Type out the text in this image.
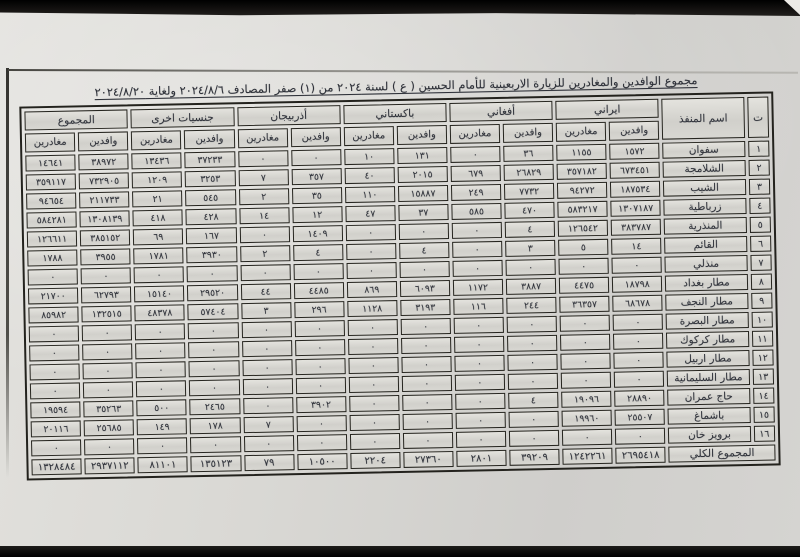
مجموع الوافدين والمغادرين للزيارة الاربعينية للأمام الحسين ( ع ) لسنة ٢٠٢٤ من (١) صفر المصادف ٢٠٢٤/٨/٦ ولغاية ٢٠٢٤/٨/٢٠
ت	اسم المنفذ	ايراني		أفغاني		باكستاني		أذربيجان		جنسيات اخرى		المجموع	
		وافدين	مغادرين	وافدين	مغادرين	وافدين	مغادرين	وافدين	مغادرين	وافدين	مغادرين	وافدين	مغادرين
١	سفوان	١٥٧٢	١١٥٥	٣٦	٠	١٣١	١٠	٠	٠	٣٧٢٣٣	١٣٤٣٦	٣٨٩٧٢	١٤٦٤١
٢	الشلامجة	٦٧٣٤٥١	٣٥٧١٨٢	٢٦٨٢٩	٦٧٩	٢٠١٥	٤٠	٣٥٧	٧	٣٢٥٣	١٢٠٩	٧٣٢٩٠٥	٣٥٩١١٧
٣	الشيب	١٨٧٥٣٤	٩٤٢٧٢	٧٧٣٢	٢٤٩	١٥٨٨٧	١١٠	٣٥	٢	٥٤٥	٢١	٢١١٧٣٣	٩٤٦٥٤
٤	زرباطية	١٣٠٧١٨٧	٥٨٣٢١٧	٤٧٠	٥٨٥	٣٧	٤٧	١٢	١٤	٤٢٨	٤١٨	١٣٠٨١٣٩	٥٨٤٢٨١
٥	المنذرية	٣٨٣٧٨٧	١٢٦٥٤٢	٤	٠	٠	٠	١٤٠٩	٠	١٦٧	٦٩	٣٨٥١٥٢	١٢٦٦١١
٦	القائم	١٤	٥	٣	٠	٤	٠	٤	٢	٣٩٣٠	١٧٨١	٣٩٥٥	١٧٨٨
٧	منذلي	٠	٠	٠	٠	٠	٠	٠	٠	٠	٠	٠	٠
٨	مطار بغداد	١٨٧٩٨	٤٤٧٥	٣٨٨٧	١١٧٢	٦٠٩٣	٨٦٩	٤٤٨٥	٤٤	٢٩٥٢٠	١٥١٤٠	٦٢٧٩٣	٢١٧٠٠
٩	مطار النجف	٦٨٦٧٨	٣٦٣٥٧	٢٤٤	١١٦	٣١٩٣	١١٢٨	٢٩٦	٣	٥٧٤٠٤	٤٨٣٧٨	١٣٢٥١٥	٨٥٩٨٢
١٠	مطار البصرة	٠	٠	٠	٠	٠	٠	٠	٠	٠	٠	٠	٠
١١	مطار كركوك	٠	٠	٠	٠	٠	٠	٠	٠	٠	٠	٠	٠
١٢	مطار اربيل	٠	٠	٠	٠	٠	٠	٠	٠	٠	٠	٠	٠
١٣	مطار السليمانية	٠	٠	٠	٠	٠	٠	٠	٠	٠	٠	٠	٠
١٤	حاج عمران	٢٨٨٩٠	١٩٠٩٦	٤	٠	٠	٠	٣٩٠٢	٠	٢٤٦٥	٥٠٠	٣٥٢٦٣	١٩٥٩٤
١٥	باشماغ	٢٥٥٠٧	١٩٩٦٠	٠	٠	٠	٠	٠	٧	١٧٨	١٤٩	٢٥٦٨٥	٢٠١١٦
١٦	برويز خان	٠	٠	٠	٠	٠	٠	٠	٠	٠	٠	٠	٠
المجموع الكلي		٢٦٩٥٤١٨	١٢٤٢٢٦١	٣٩٢٠٩	٢٨٠١	٢٧٣٦٠	٢٢٠٤	١٠٥٠٠	٧٩	١٣٥١٢٣	٨١١٠١	٢٩٣٧١١٢	١٣٢٨٤٨٤
